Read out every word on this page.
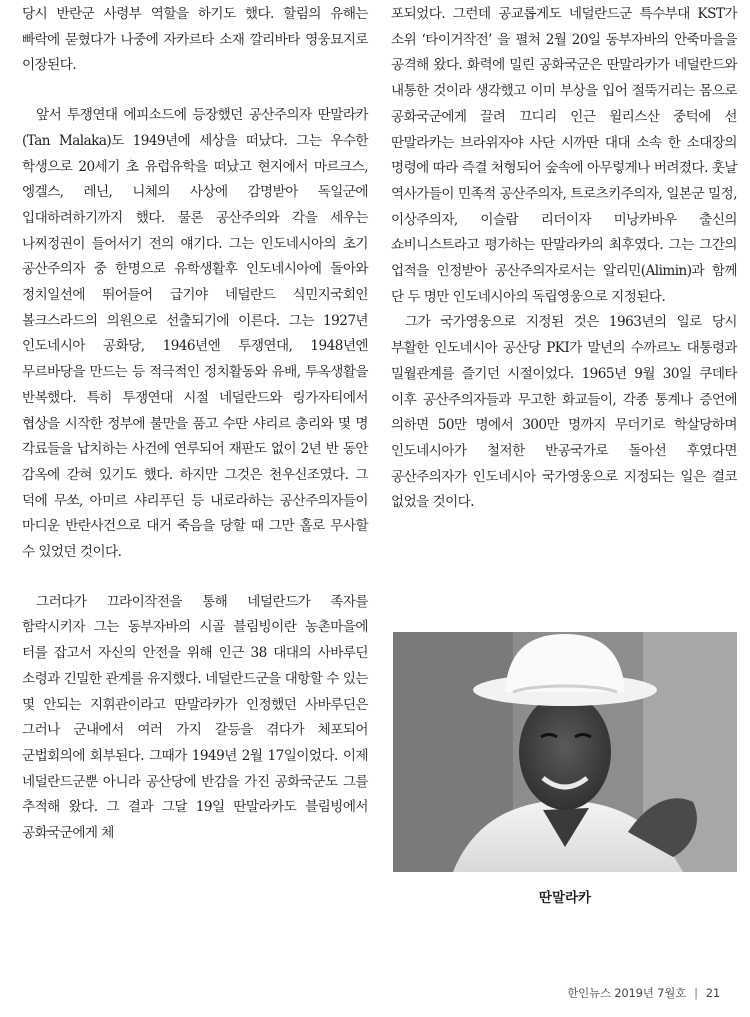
당시 반란군 사령부 역할을 하기도 했다. 할림의 유해는 빠락에 묻혔다가 나중에 자카르타 소재 깔리바타 영웅묘지로 이장된다.

앞서 투쟁연대 에피소드에 등장했던 공산주의자 딴말라카(Tan Malaka)도 1949년에 세상을 떠났다. 그는 우수한 학생으로 20세기 초 유럽유학을 떠났고 현지에서 마르크스, 엥겔스, 레닌, 니체의 사상에 감명받아 독일군에 입대하려하기까지 했다. 물론 공산주의와 각을 세우는 나찌정권이 들어서기 전의 얘기다. 그는 인도네시아의 초기 공산주의자 중 한명으로 유학생활후 인도네시아에 돌아와 정치일선에 뛰어들어 급기야 네덜란드 식민지국회인 볼크스라드의 의원으로 선출되기에 이른다. 그는 1927년 인도네시아 공화당, 1946년엔 투쟁연대, 1948년엔 무르바당을 만드는 등 적극적인 정치활동와 유배, 투옥생활을 반복했다. 특히 투쟁연대 시절 네덜란드와 링가자티에서 협상을 시작한 정부에 불만을 품고 수딴 샤리르 총리와 몇 명 각료들을 납치하는 사건에 연루되어 재판도 없이 2년 반 동안 감옥에 갇혀 있기도 했다. 하지만 그것은 천우신조였다. 그 덕에 무쏘, 아미르 샤리푸딘 등 내로라하는 공산주의자들이 마디운 반란사건으로 대거 죽음을 당할 때 그만 홀로 무사할 수 있었던 것이다.

그러다가 끄라이작전을 통해 네덜란드가 족자를 함락시키자 그는 동부자바의 시골 블림빙이란 농촌마을에 터를 잡고서 자신의 안전을 위해 인근 38 대대의 사바루딘 소령과 긴밀한 관계를 유지했다. 네덜란드군을 대항할 수 있는 몇 안되는 지휘관이라고 딴말라카가 인정했던 사바루딘은 그러나 군내에서 여러 가지 갈등을 겪다가 체포되어 군법회의에 회부된다. 그때가 1949년 2월 17일이었다. 이제 네덜란드군뿐 아니라 공산당에 반감을 가진 공화국군도 그를 추적해 왔다. 그 결과 그달 19일 딴말라카도 블림빙에서 공화국군에게 체

포되었다. 그런데 공교롭게도 네덜란드군 특수부대 KST가 소위 ‘타이거작전’ 을 펼쳐 2월 20일 동부자바의 안죽마을을 공격해 왔다. 화력에 밀린 공화국군은 딴말라카가 네덜란드와 내통한 것이라 생각했고 이미 부상을 입어 절뚝거리는 몸으로 공화국군에게 끌려 끄디리 인근 윌리스산 중턱에 선 딴말라카는 브라위자야 사단 시까딴 대대 소속 한 소대장의 명령에 따라 즉결 처형되어 숲속에 아무렇게나 버려졌다. 훗날 역사가들이 민족적 공산주의자, 트로츠키주의자, 일본군 밀정, 이상주의자, 이슬람 리더이자 미낭카바우 출신의 쇼비니스트라고 평가하는 딴말라카의 최후였다. 그는 그간의 업적을 인정받아 공산주의자로서는 알리민(Alimin)과 함께 단 두 명만 인도네시아의 독립영웅으로 지정된다.

그가 국가영웅으로 지정된 것은 1963년의 일로 당시 부활한 인도네시아 공산당 PKI가 말년의 수까르노 대통령과 밀월관계를 즐기던 시절이었다. 1965년 9월 30일 쿠데타 이후 공산주의자들과 무고한 화교들이, 각종 통계나 증언에 의하면 50만 명에서 300만 명까지 무더기로 학살당하며 인도네시아가 철저한 반공국가로 돌아선 후였다면 공산주의자가 인도네시아 국가영웅으로 지정되는 일은 결코 없었을 것이다.

딴말라카
한인뉴스 2019년 7월호 | 21
